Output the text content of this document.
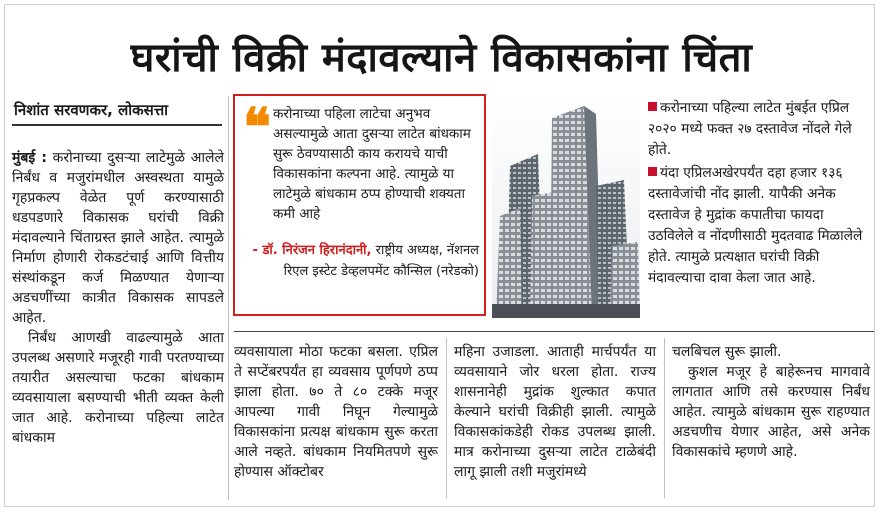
घरांची विक्री मंदावल्याने विकासकांना चिंता
निशांत सरवणकर, लोकसत्ता

मुंबई : करोनाच्या दुसऱ्या लाटेमुळे आलेले निर्बंध व मजुरांमधील अस्वस्थता यामुळे गृहप्रकल्प वेळेत पूर्ण करण्यासाठी धडपडणारे विकासक घरांची विक्री मंदावल्याने चिंताग्रस्त झाले आहेत. त्यामुळे निर्माण होणारी रोकडटंचाई आणि वित्तीय संस्थांकडून कर्ज मिळण्यात येणाऱ्या अडचणींच्या कात्रीत विकासक सापडले आहेत.

निर्बंध आणखी वाढल्यामुळे आता उपलब्ध असणारे मजूरही गावी परतण्याच्या तयारीत असल्याचा फटका बांधकाम व्यवसायाला बसण्याची भीती व्यक्त केली जात आहे. करोनाच्या पहिल्या लाटेत बांधकाम

❝ करोनाच्या पहिला लाटेचा अनुभव असल्यामुळे आता दुसऱ्या लाटेत बांधकाम सुरू ठेवण्यासाठी काय करायचे याची विकासकांना कल्पना आहे. त्यामुळे या लाटेमुळे बांधकाम ठप्प होण्याची शक्यता कमी आहे
- डॉ. निरंजन हिरानंदानी, राष्ट्रीय अध्यक्ष, नॅशनल रिएल इस्टेट डेव्हलपमेंट कौन्सिल (नरेडको)

करोनाच्या पहिल्या लाटेत मुंबईत एप्रिल २०२० मध्ये फक्त २७ दस्तावेज नोंदले गेले होते.

यंदा एप्रिलअखेरपर्यंत दहा हजार १३६ दस्तावेजांची नोंद झाली. यापैकी अनेक दस्तावेज हे मुद्रांक कपातीचा फायदा उठविलेले व नोंदणीसाठी मुदतवाढ मिळालेले होते. त्यामुळे प्रत्यक्षात घरांची विक्री मंदावल्याचा दावा केला जात आहे.

व्यवसायाला मोठा फटका बसला. एप्रिल ते सप्टेंबरपर्यंत हा व्यवसाय पूर्णपणे ठप्प झाला होता. ७० ते ८० टक्के मजूर आपल्या गावी निघून गेल्यामुळे विकासकांना प्रत्यक्ष बांधकाम सुरू करता आले नव्हते. बांधकाम नियमितपणे सुरू होण्यास ऑक्टोबर

महिना उजाडला. आताही मार्चपर्यंत या व्यवसायाने जोर धरला होता. राज्य शासनानेही मुद्रांक शुल्कात कपात केल्याने घरांची विक्रीही झाली. त्यामुळे विकासकांकडेही रोकड उपलब्ध झाली. मात्र करोनाच्या दुसऱ्या लाटेत टाळेबंदी लागू झाली तशी मजुरांमध्ये

चलबिचल सुरू झाली.

कुशल मजूर हे बाहेरूनच मागवावे लागतात आणि तसे करण्यास निर्बंध आहेत. त्यामुळे बांधकाम सुरू राहण्यात अडचणीच येणार आहेत, असे अनेक विकासकांचे म्हणणे आहे.
